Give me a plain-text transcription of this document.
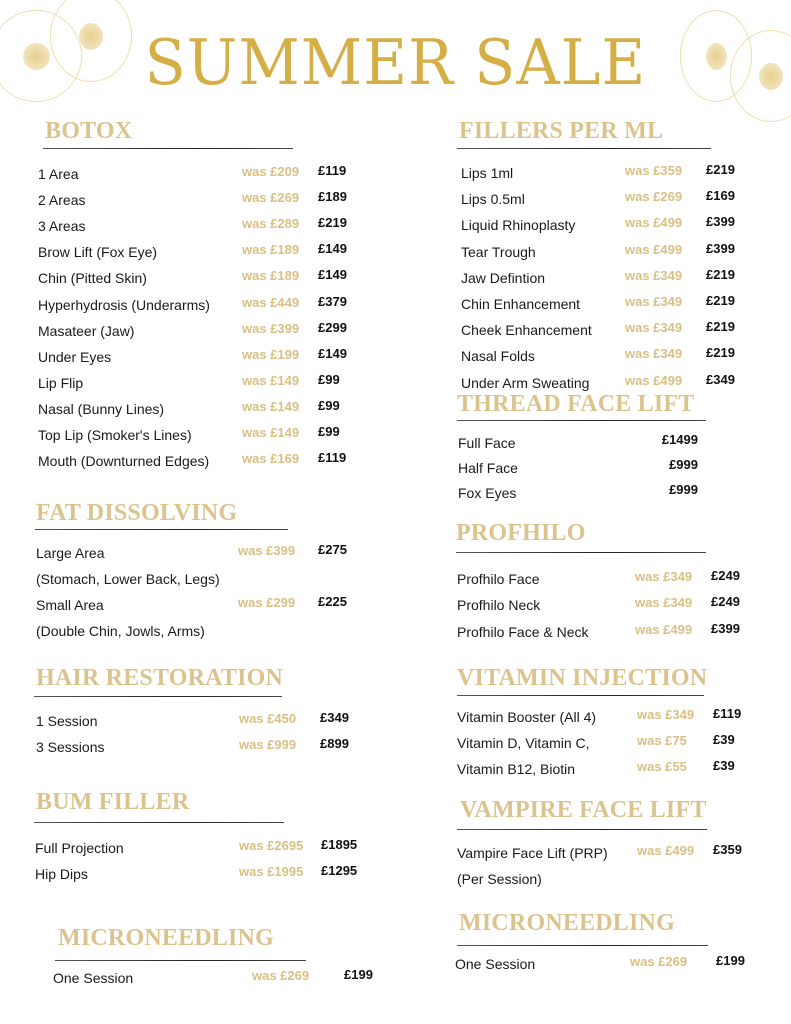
SUMMER SALE
BOTOX
1 Area	was £209 £119
2 Areas	was £269 £189
3 Areas	was £289 £219
Brow Lift (Fox Eye)	was £189 £149
Chin (Pitted Skin)	was £189 £149
Hyperhydrosis (Underarms) was £449 £379
Masateer (Jaw)	was £399 £299
Under Eyes	was £199 £149
Lip Flip	was £149 £99
Nasal (Bunny Lines)	was £149 £99
Top Lip (Smoker's Lines)	was £149 £99
Mouth (Downturned Edges)	was £169 £119
FILLERS PER ML
Lips 1ml	was £359 £219
Lips 0.5ml	was £269 £169
Liquid Rhinoplasty	was £499 £399
Tear Trough	was £499 £399
Jaw Defintion	was £349 £219
Chin Enhancement	was £349 £219
Cheek Enhancement	was £349 £219
Nasal Folds	was £349 £219
Under Arm Sweating	was £499 £349
THREAD FACE LIFT
Full Face	£1499
Half Face	£999
Fox Eyes	£999
FAT DISSOLVING
Large Area	was £399 £275
(Stomach, Lower Back, Legs)
Small Area	was £299 £225
(Double Chin, Jowls, Arms)
PROFHILO
Profhilo Face	was £349 £249
Profhilo Neck	was £349 £249
Profhilo Face & Neck	was £499 £399
HAIR RESTORATION
1 Session	was £450 £349
3 Sessions	was £999 £899
VITAMIN INJECTION
Vitamin Booster (All 4)	was £349 £119
Vitamin D, Vitamin C,	was £75 £39
Vitamin B12, Biotin	was £55 £39
BUM FILLER
Full Projection	was £2695 £1895
Hip Dips	was £1995 £1295
VAMPIRE FACE LIFT
Vampire Face Lift (PRP) was £499 £359
(Per Session)
MICRONEEDLING
One Session	was £269	£199
MICRONEEDLING
One Session	was £269 £199
